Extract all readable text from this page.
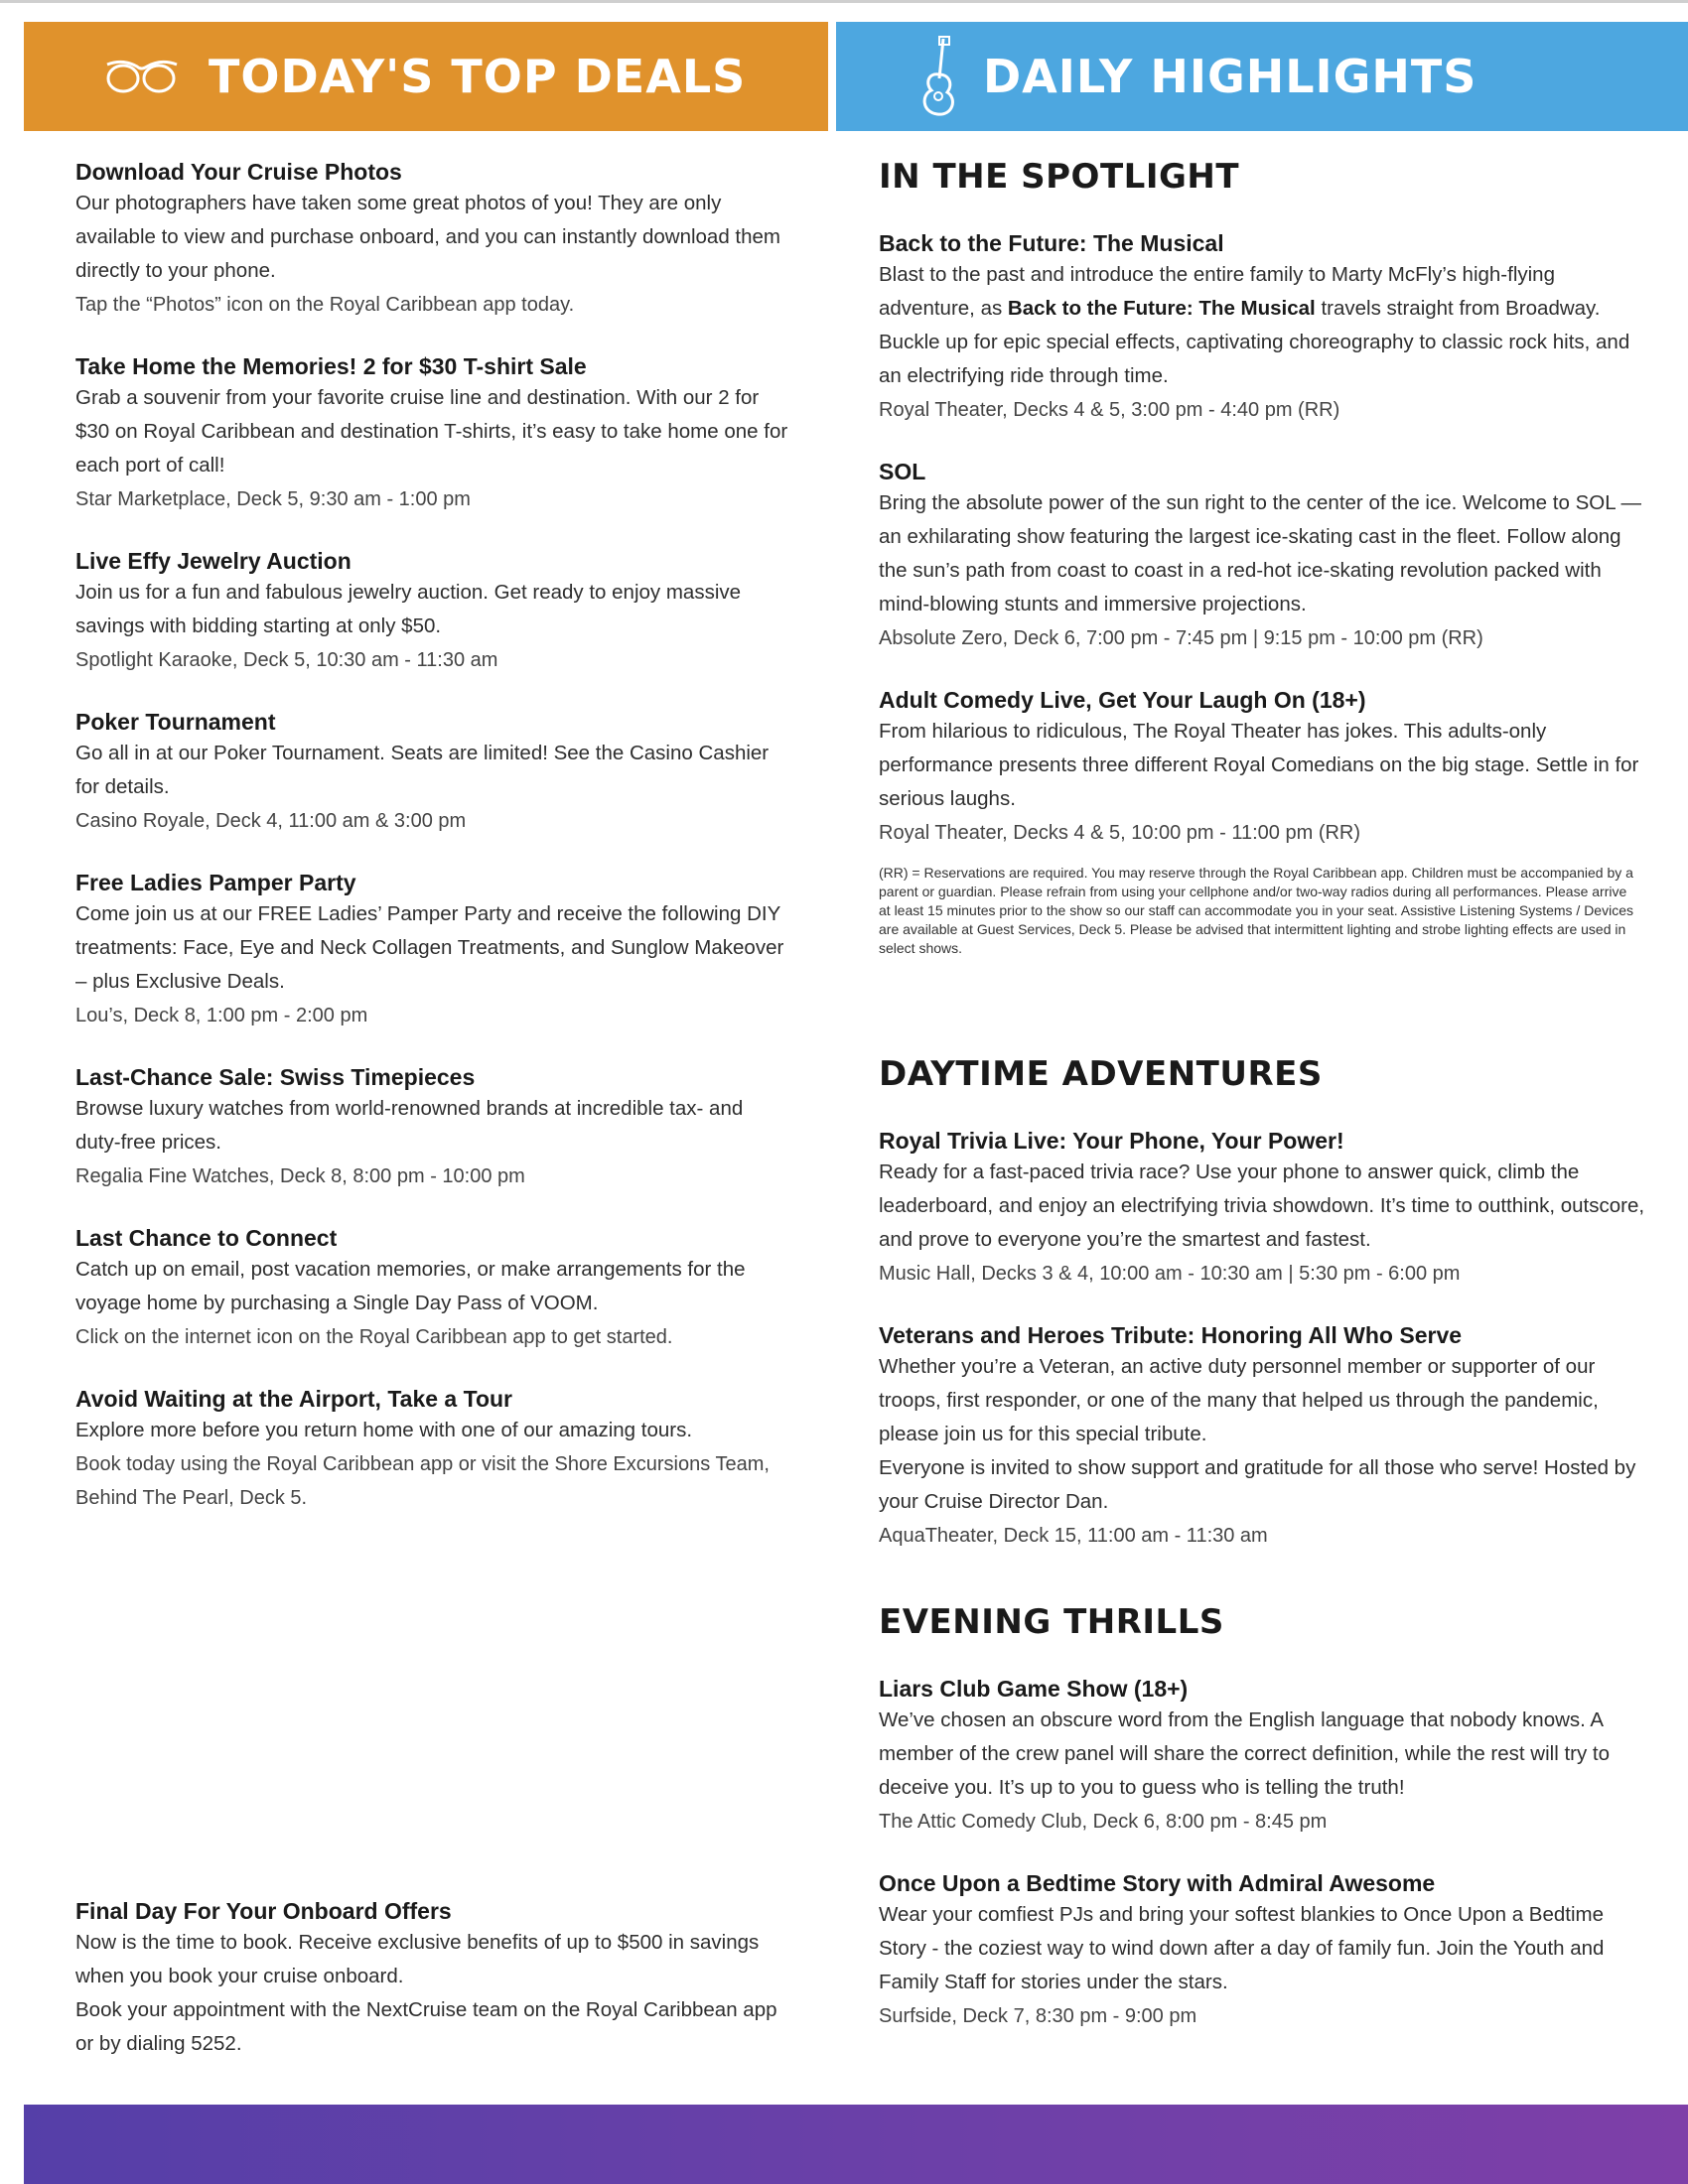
TODAY'S TOP DEALS	DAILY HIGHLIGHTS
Download Your Cruise Photos
Our photographers have taken some great photos of you! They are only available to view and purchase onboard, and you can instantly download them directly to your phone.
Tap the “Photos” icon on the Royal Caribbean app today.
Take Home the Memories! 2 for $30 T-shirt Sale
Grab a souvenir from your favorite cruise line and destination. With our 2 for $30 on Royal Caribbean and destination T-shirts, it’s easy to take home one for each port of call!
Star Marketplace, Deck 5, 9:30 am - 1:00 pm
Live Effy Jewelry Auction
Join us for a fun and fabulous jewelry auction. Get ready to enjoy massive savings with bidding starting at only $50.
Spotlight Karaoke, Deck 5, 10:30 am - 11:30 am
Poker Tournament
Go all in at our Poker Tournament. Seats are limited! See the Casino Cashier for details.
Casino Royale, Deck 4, 11:00 am & 3:00 pm
Free Ladies Pamper Party
Come join us at our FREE Ladies’ Pamper Party and receive the following DIY treatments: Face, Eye and Neck Collagen Treatments, and Sunglow Makeover – plus Exclusive Deals.
Lou’s, Deck 8, 1:00 pm - 2:00 pm
Last-Chance Sale: Swiss Timepieces
Browse luxury watches from world-renowned brands at incredible tax- and duty-free prices.
Regalia Fine Watches, Deck 8, 8:00 pm - 10:00 pm
Last Chance to Connect
Catch up on email, post vacation memories, or make arrangements for the voyage home by purchasing a Single Day Pass of VOOM.
Click on the internet icon on the Royal Caribbean app to get started.
Avoid Waiting at the Airport, Take a Tour
Explore more before you return home with one of our amazing tours.
Book today using the Royal Caribbean app or visit the Shore Excursions Team, Behind The Pearl, Deck 5.
Final Day For Your Onboard Offers
Now is the time to book. Receive exclusive benefits of up to $500 in savings when you book your cruise onboard.
Book your appointment with the NextCruise team on the Royal Caribbean app or by dialing 5252.
IN THE SPOTLIGHT
Back to the Future: The Musical
Blast to the past and introduce the entire family to Marty McFly’s high-flying adventure, as Back to the Future: The Musical travels straight from Broadway. Buckle up for epic special effects, captivating choreography to classic rock hits, and an electrifying ride through time.
Royal Theater, Decks 4 & 5, 3:00 pm - 4:40 pm (RR)
SOL
Bring the absolute power of the sun right to the center of the ice. Welcome to SOL — an exhilarating show featuring the largest ice-skating cast in the fleet. Follow along the sun’s path from coast to coast in a red-hot ice-skating revolution packed with mind-blowing stunts and immersive projections.
Absolute Zero, Deck 6, 7:00 pm - 7:45 pm | 9:15 pm - 10:00 pm (RR)
Adult Comedy Live, Get Your Laugh On (18+)
From hilarious to ridiculous, The Royal Theater has jokes. This adults-only performance presents three different Royal Comedians on the big stage. Settle in for serious laughs.
Royal Theater, Decks 4 & 5, 10:00 pm - 11:00 pm (RR)
(RR) = Reservations are required. You may reserve through the Royal Caribbean app. Children must be accompanied by a parent or guardian. Please refrain from using your cellphone and/or two-way radios during all performances. Please arrive at least 15 minutes prior to the show so our staff can accommodate you in your seat. Assistive Listening Systems / Devices are available at Guest Services, Deck 5. Please be advised that intermittent lighting and strobe lighting effects are used in select shows.
DAYTIME ADVENTURES
Royal Trivia Live: Your Phone, Your Power!
Ready for a fast-paced trivia race? Use your phone to answer quick, climb the leaderboard, and enjoy an electrifying trivia showdown. It’s time to outthink, outscore, and prove to everyone you’re the smartest and fastest.
Music Hall, Decks 3 & 4, 10:00 am - 10:30 am | 5:30 pm - 6:00 pm
Veterans and Heroes Tribute: Honoring All Who Serve
Whether you’re a Veteran, an active duty personnel member or supporter of our troops, first responder, or one of the many that helped us through the pandemic, please join us for this special tribute.
Everyone is invited to show support and gratitude for all those who serve! Hosted by your Cruise Director Dan.
AquaTheater, Deck 15, 11:00 am - 11:30 am
EVENING THRILLS
Liars Club Game Show (18+)
We’ve chosen an obscure word from the English language that nobody knows. A member of the crew panel will share the correct definition, while the rest will try to deceive you. It’s up to you to guess who is telling the truth!
The Attic Comedy Club, Deck 6, 8:00 pm - 8:45 pm
Once Upon a Bedtime Story with Admiral Awesome
Wear your comfiest PJs and bring your softest blankies to Once Upon a Bedtime Story - the coziest way to wind down after a day of family fun. Join the Youth and Family Staff for stories under the stars.
Surfside, Deck 7, 8:30 pm - 9:00 pm
